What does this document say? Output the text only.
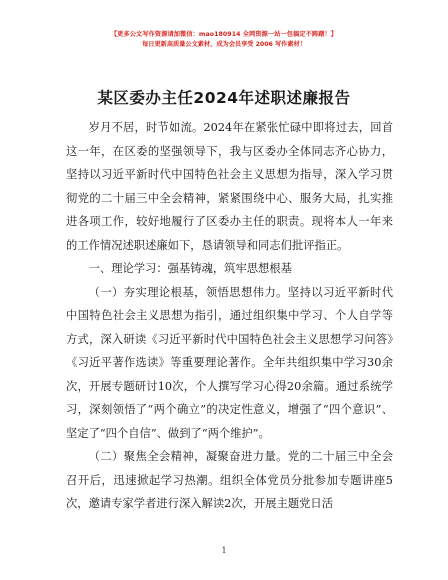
【更多公文写作资源请加微信：mao180914 全网资源一站一包搞定不踌躇！】
每日更新高质量公文素材，成为会员享受 2006 写作素材！
某区委办主任2024年述职述廉报告

岁月不居，时节如流。2024年在紧张忙碌中即将过去，回首这一年，在区委的坚强领导下，我与区委办全体同志齐心协力，坚持以习近平新时代中国特色社会主义思想为指导，深入学习贯彻党的二十届三中全会精神，紧紧围绕中心、服务大局，扎实推进各项工作，较好地履行了区委办主任的职责。现将本人一年来的工作情况述职述廉如下，恳请领导和同志们批评指正。

一、理论学习：强基铸魂，筑牢思想根基

（一）夯实理论根基，领悟思想伟力。坚持以习近平新时代中国特色社会主义思想为指引，通过组织集中学习、个人自学等方式，深入研读《习近平新时代中国特色社会主义思想学习问答》《习近平著作选读》等重要理论著作。全年共组织集中学习30余次，开展专题研讨10次，个人撰写学习心得20余篇。通过系统学习，深刻领悟了“两个确立”的决定性意义，增强了“四个意识”、坚定了“四个自信”、做到了“两个维护”。

（二）聚焦全会精神，凝聚奋进力量。党的二十届三中全会召开后，迅速掀起学习热潮。组织全体党员分批参加专题讲座5次，邀请专家学者进行深入解读2次，开展主题党日活

1
